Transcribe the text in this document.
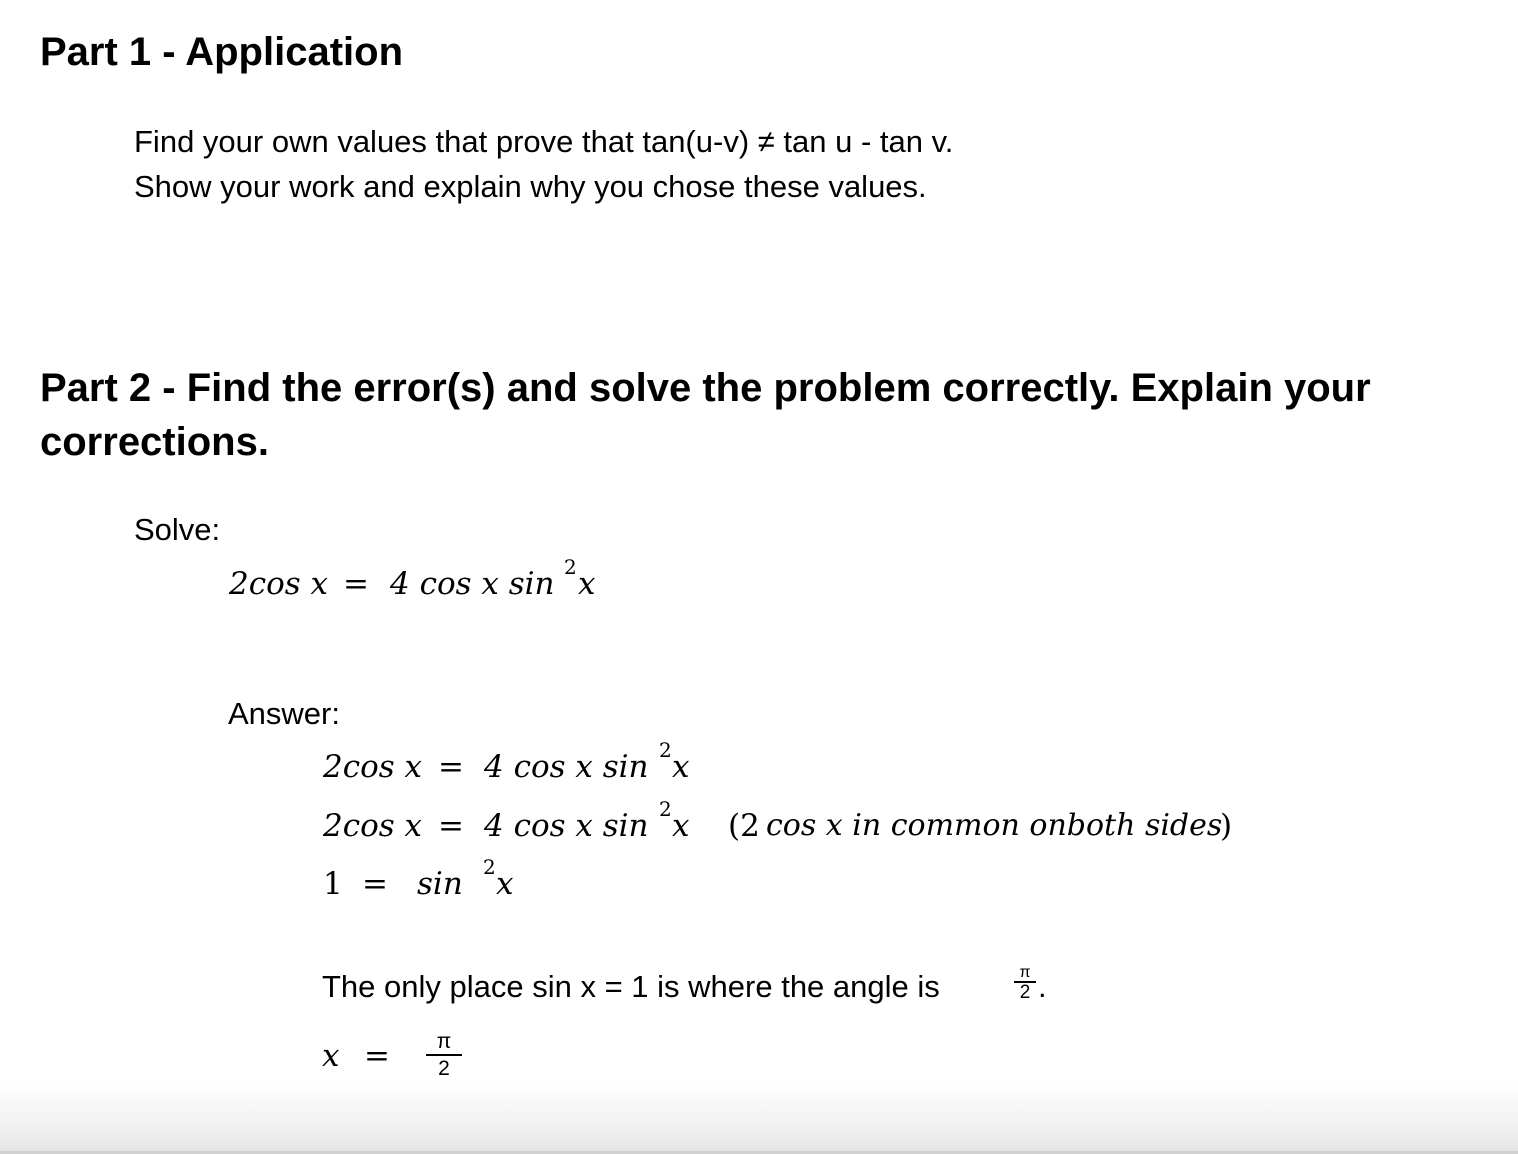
Part 1 - Application
Find your own values that prove that tan(u-v) ≠ tan u - tan v.
Show your work and explain why you chose these values.
Part 2 - Find the error(s) and solve the problem correctly. Explain your
corrections.
Solve:
2cos x = 4 cos x sin 2 x
Answer:
2cos x = 4 cos x sin 2 x
2cos x = 4 cos x sin 2 x (2 cos x in common onboth sides
)
1 = sin 2 x
The only place sin x = 1 is where the angle is	π
2 .
x = π
2
